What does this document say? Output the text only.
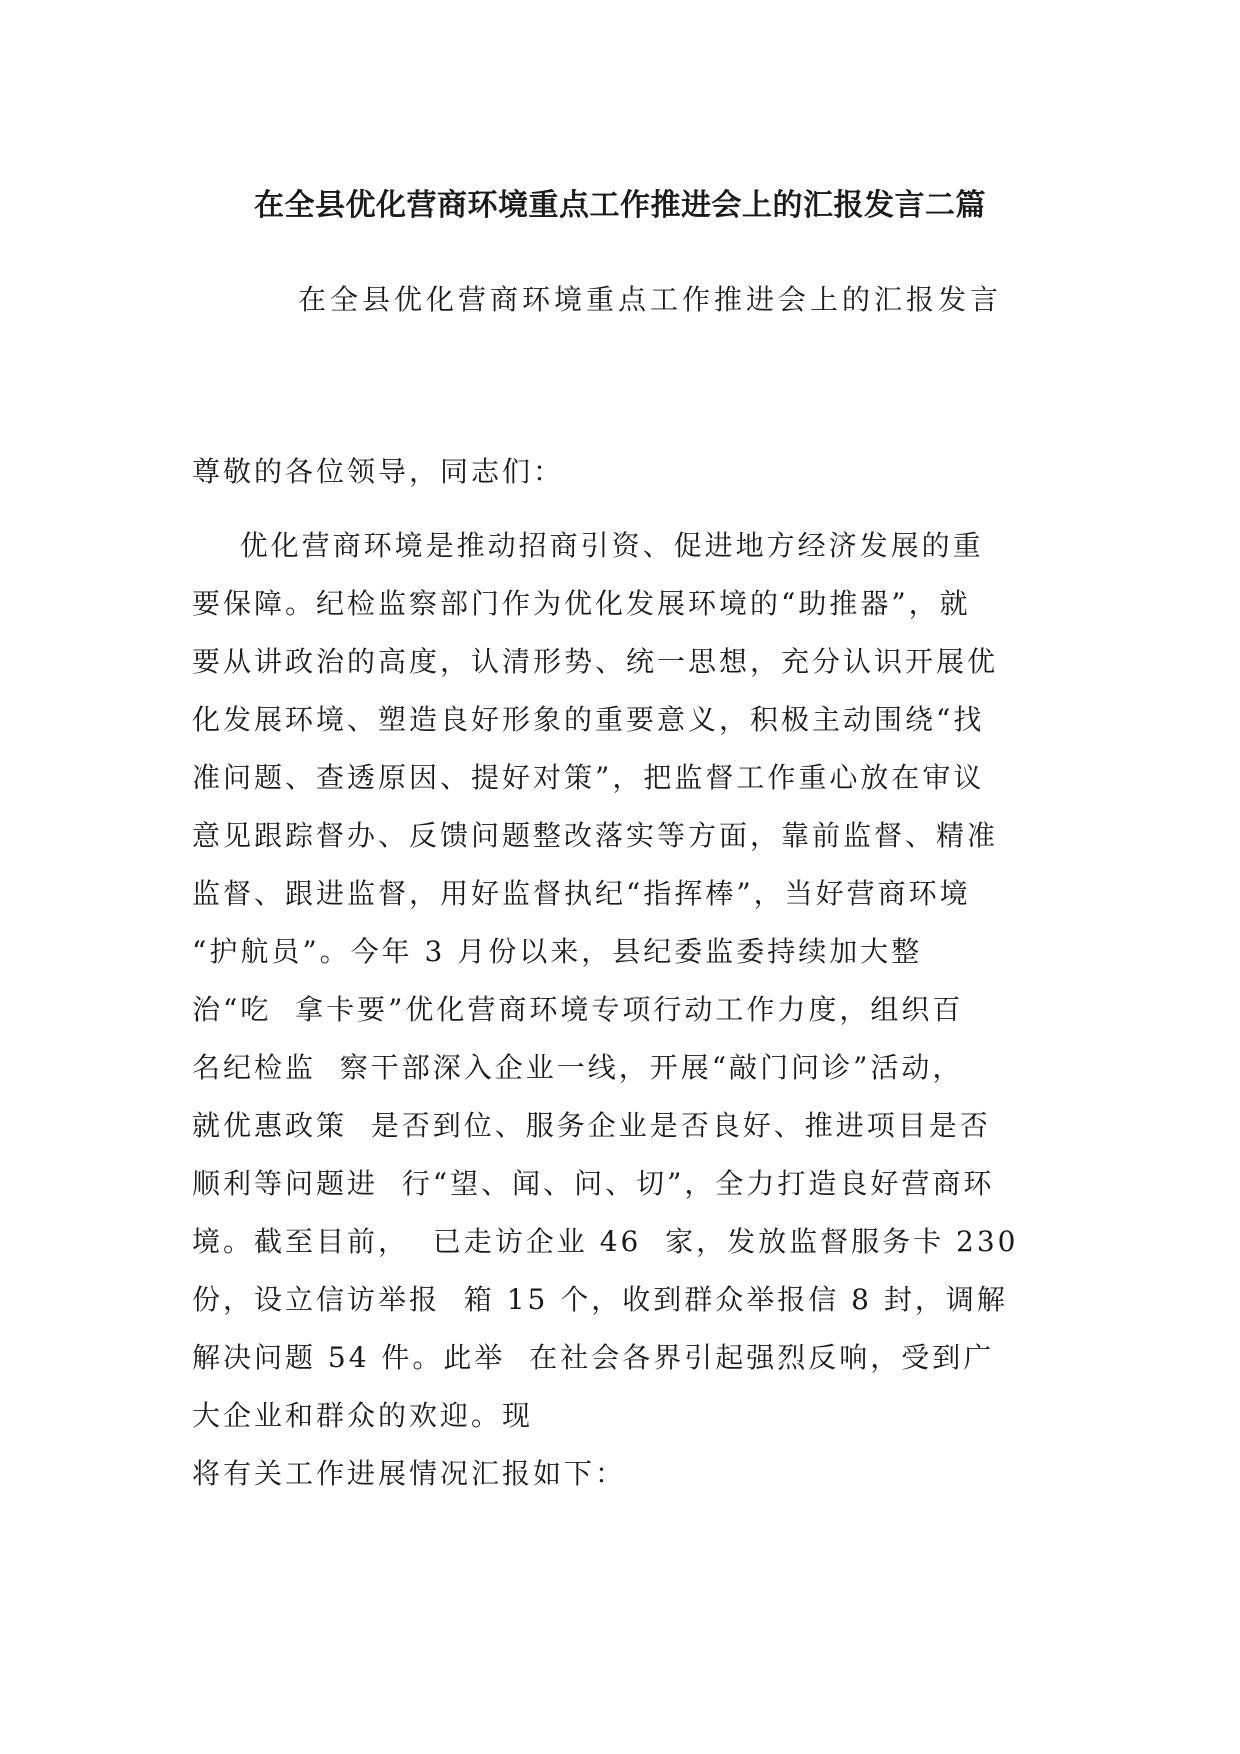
在全县优化营商环境重点工作推进会上的汇报发言二篇
在全县优化营商环境重点工作推进会上的汇报发言
尊敬的各位领导，同志们：
优化营商环境是推动招商引资、促进地方经济发展的重
要保障。纪检监察部门作为优化发展环境的“助推器”，就
要从讲政治的高度，认清形势、统一思想，充分认识开展优
化发展环境、塑造良好形象的重要意义，积极主动围绕“找
准问题、查透原因、提好对策”，把监督工作重心放在审议
意见跟踪督办、反馈问题整改落实等方面，靠前监督、精准
监督、跟进监督，用好监督执纪“指挥棒”，当好营商环境
“护航员”。今年 3 月份以来，县纪委监委持续加大整
治“吃  拿卡要”优化营商环境专项行动工作力度，组织百
名纪检监  察干部深入企业一线，开展“敲门问诊”活动，
就优惠政策  是否到位、服务企业是否良好、推进项目是否
顺利等问题进  行“望、闻、问、切”，全力打造良好营商环
境。截至目前，  已走访企业 46  家，发放监督服务卡 230
份，设立信访举报  箱 15 个，收到群众举报信 8 封，调解
解决问题 54 件。此举  在社会各界引起强烈反响，受到广
大企业和群众的欢迎。现
将有关工作进展情况汇报如下：
